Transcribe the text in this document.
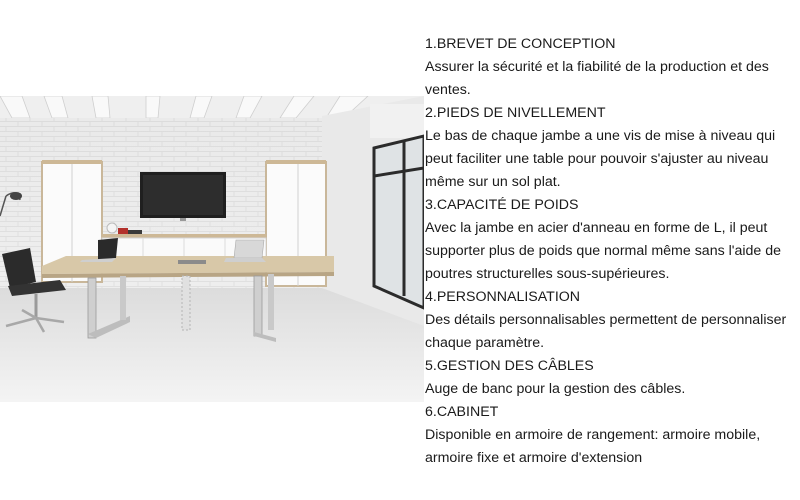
1.BREVET DE CONCEPTION

Assurer la sécurité et la fiabilité de la production et des ventes.

2.PIEDS DE NIVELLEMENT

Le bas de chaque jambe a une vis de mise à niveau qui peut faciliter une table pour pouvoir s'ajuster au niveau même sur un sol plat.

3.CAPACITÉ DE POIDS

Avec la jambe en acier d'anneau en forme de L, il peut supporter plus de poids que normal même sans l'aide de poutres structurelles sous-supérieures.

4.PERSONNALISATION

Des détails personnalisables permettent de personnaliser chaque paramètre.

5.GESTION DES CÂBLES

Auge de banc pour la gestion des câbles.

6.CABINET

Disponible en armoire de rangement: armoire mobile, armoire fixe et armoire d'extension
